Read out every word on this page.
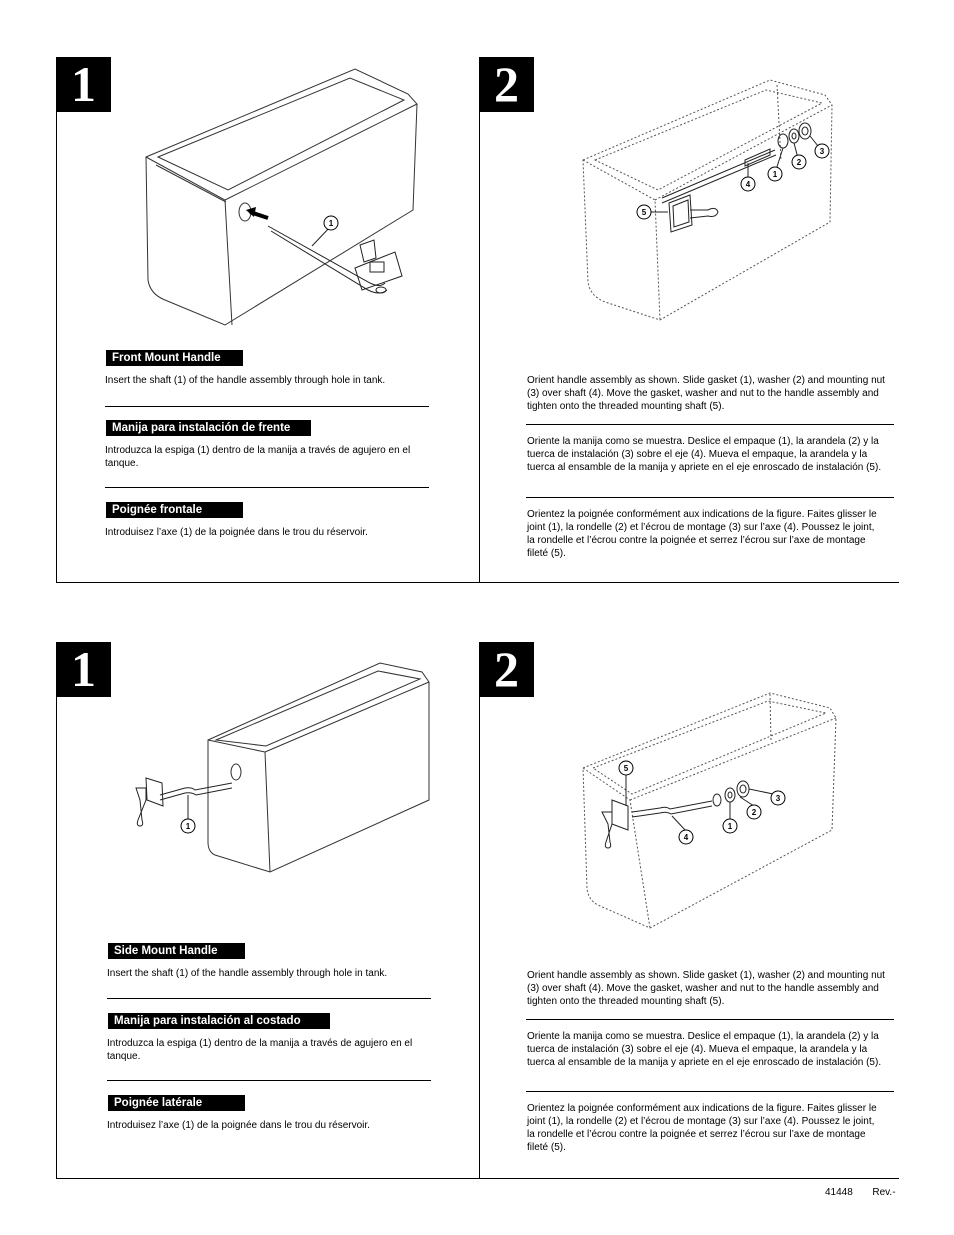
1
1
Front Mount Handle
Insert the shaft (1) of the handle assembly through hole in tank.
Manija para instalación de frente
Introduzca la espiga (1) dentro de la manija a través de agujero en el tanque.
Poignée frontale
Introduisez l’axe (1) de la poignée dans le trou du réservoir.
2
1
2
3
4
5
Orient handle assembly as shown. Slide gasket (1), washer (2) and mounting nut (3) over shaft (4). Move the gasket, washer and nut to the handle assembly and tighten onto the threaded mounting shaft (5).
Oriente la manija como se muestra. Deslice el empaque (1), la arandela (2) y la tuerca de instalación (3) sobre el eje (4). Mueva el empaque, la arandela y la tuerca al ensamble de la manija y apriete en el eje enroscado de instalación (5).
Orientez la poignée conformément aux indications de la figure. Faites glisser le joint (1), la rondelle (2) et l’écrou de montage (3) sur l’axe (4). Poussez le joint, la rondelle et l’écrou contre la poignée et serrez l’écrou sur l’axe de montage fileté (5).
1
1
Side Mount Handle
Insert the shaft (1) of the handle assembly through hole in tank.
Manija para instalación al costado
Introduzca la espiga (1) dentro de la manija a través de agujero en el tanque.
Poignée latérale
Introduisez l’axe (1) de la poignée dans le trou du réservoir.
2
5
3
2
1
4
Orient handle assembly as shown. Slide gasket (1), washer (2) and mounting nut (3) over shaft (4). Move the gasket, washer and nut to the handle assembly and tighten onto the threaded mounting shaft (5).
Oriente la manija como se muestra. Deslice el empaque (1), la arandela (2) y la tuerca de instalación (3) sobre el eje (4). Mueva el empaque, la arandela y la tuerca al ensamble de la manija y apriete en el eje enroscado de instalación (5).
Orientez la poignée conformément aux indications de la figure. Faites glisser le joint (1), la rondelle (2) et l’écrou de montage (3) sur l’axe (4). Poussez le joint, la rondelle et l’écrou contre la poignée et serrez l’écrou sur l’axe de montage fileté (5).
41448 Rev.-
